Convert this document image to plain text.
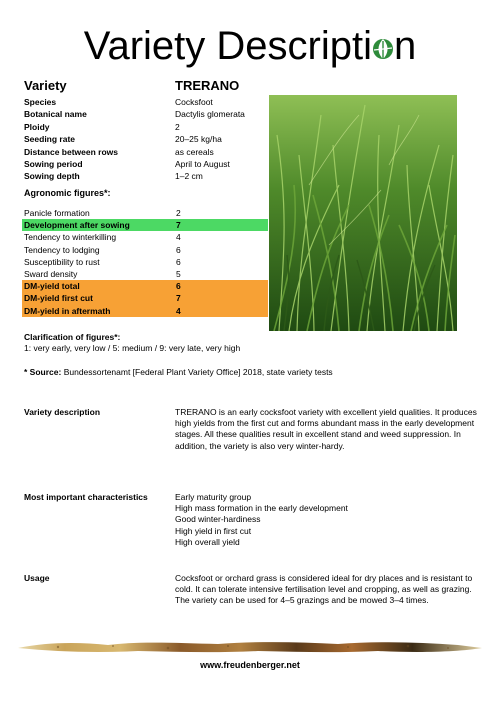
Variety Descripti n
Variety	TRERANO
Species	Cocksfoot
Botanical name	Dactylis glomerata
Ploidy	2
Seeding rate	20–25 kg/ha
Distance between rows	as cereals
Sowing period	April to August
Sowing depth	1–2 cm
Agronomic figures*:
Panicle formation	2
Development after sowing	7
Tendency to winterkilling	4
Tendency to lodging	6
Susceptibility to rust	6
Sward density	5
DM-yield total	6
DM-yield first cut	7
DM-yield in aftermath	4
Clarification of figures*:
1: very early, very low / 5: medium / 9: very late, very high
* Source: Bundessortenamt [Federal Plant Variety Office] 2018, state variety tests
Variety description	TRERANO is an early cocksfoot variety with excellent yield qualities. It produces
high yields from the first cut and forms abundant mass in the early development
stages. All these qualities result in excellent stand and weed suppression. In
addition, the variety is also very winter-hardy.
Most important characteristics	Early maturity group
High mass formation in the early development
Good winter-hardiness
High yield in first cut
High overall yield
Usage	Cocksfoot or orchard grass is considered ideal for dry places and is resistant to
cold. It can tolerate intensive fertilisation level and cropping, as well as grazing.
The variety can be used for 4–5 grazings and be mowed 3–4 times.
www.freudenberger.net
